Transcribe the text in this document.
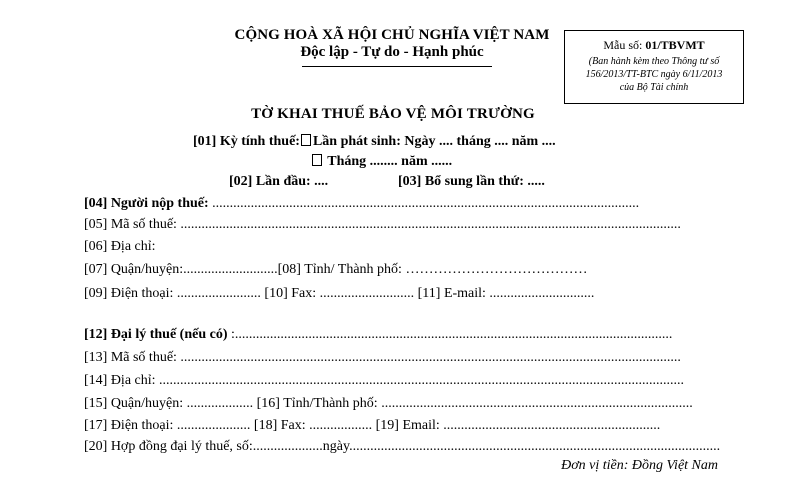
CỘNG HOÀ XÃ HỘI CHỦ NGHĨA VIỆT NAM
Độc lập - Tự do - Hạnh phúc	Mẫu số: 01/TBVMT
(Ban hành kèm theo Thông tư số
156/2013/TT-BTC ngày 6/11/2013
của Bộ Tài chính
TỜ KHAI THUẾ BẢO VỆ MÔI TRƯỜNG
[01] Kỳ tính thuế: Lần phát sinh: Ngày .... tháng .... năm ....
Tháng ........ năm ......
[02] Lần đầu: ....	[03] Bổ sung lần thứ: .....
[04] Người nộp thuế: ..........................................................................................................................
[05] Mã số thuế: ...............................................................................................................................................
[06] Địa chỉ:
[07] Quận/huyện:...........................[08] Tỉnh/ Thành phố: …………………………………
[09] Điện thoại: ........................ [10] Fax: ........................... [11] E-mail: ..............................
[12] Đại lý thuế (nếu có) :.............................................................................................................................
[13] Mã số thuế: ...............................................................................................................................................
[14] Địa chỉ: ......................................................................................................................................................
[15] Quận/huyện: ................... [16] Tỉnh/Thành phố: .........................................................................................
[17] Điện thoại: ..................... [18] Fax: .................. [19] Email: ..............................................................
[20] Hợp đồng đại lý thuế, số:....................ngày..........................................................................................................
Đơn vị tiền: Đồng Việt Nam
